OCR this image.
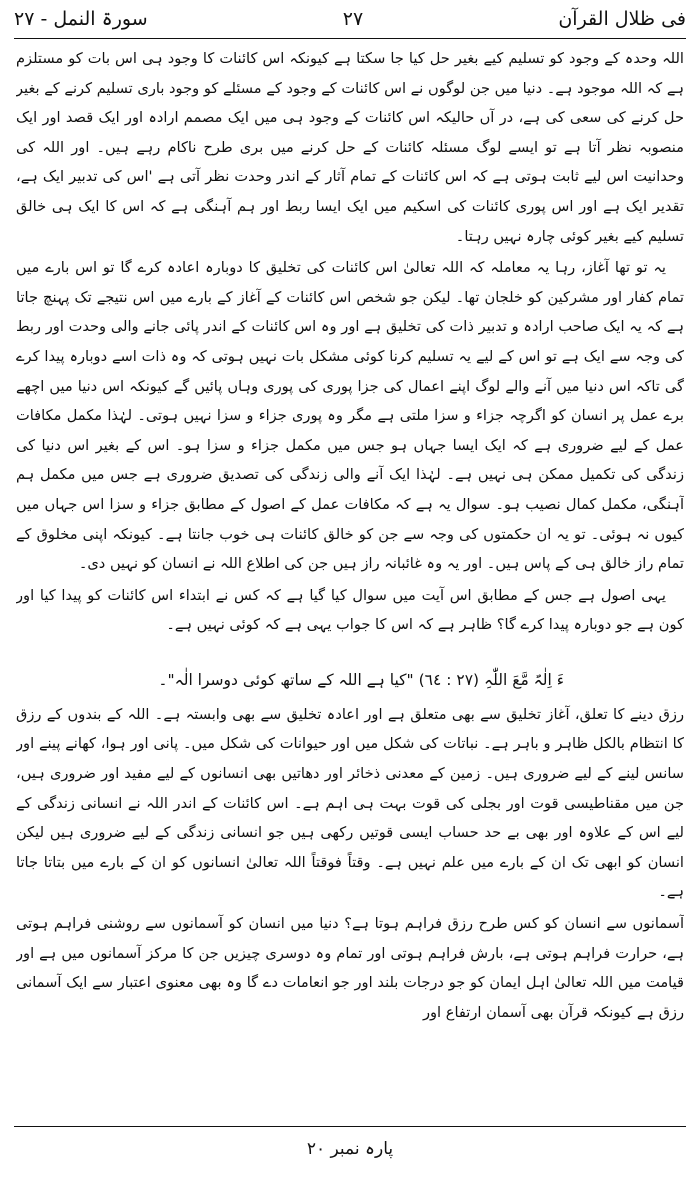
فی ظلال القرآن
٢٧
سورۃ النمل - ٢٧

اللہ وحدہ کے وجود کو تسلیم کیے بغیر حل کیا جا سکتا ہے کیونکہ اس کائنات کا وجود ہی اس بات کو مستلزم ہے کہ اللہ موجود ہے۔ دنیا میں جن لوگوں نے اس کائنات کے وجود کے مسئلے کو وجود باری تسلیم کرنے کے بغیر حل کرنے کی سعی کی ہے، در آں حالیکہ اس کائنات کے وجود ہی میں ایک مصمم ارادہ اور ایک قصد اور ایک منصوبہ نظر آتا ہے تو ایسے لوگ مسئلہ کائنات کے حل کرنے میں بری طرح ناکام رہے ہیں۔ اور اللہ کی وحدانیت اس لیے ثابت ہوتی ہے کہ اس کائنات کے تمام آثار کے اندر وحدت نظر آتی ہے 'اس کی تدبیر ایک ہے، تقدیر ایک ہے اور اس پوری کائنات کی اسکیم میں ایک ایسا ربط اور ہم آہنگی ہے کہ اس کا ایک ہی خالق تسلیم کیے بغیر کوئی چارہ نہیں رہتا۔

یہ تو تھا آغاز، رہا یہ معاملہ کہ اللہ تعالیٰ اس کائنات کی تخلیق کا دوبارہ اعادہ کرے گا تو اس بارے میں تمام کفار اور مشرکین کو خلجان تھا۔ لیکن جو شخص اس کائنات کے آغاز کے بارے میں اس نتیجے تک پہنچ جاتا ہے کہ یہ ایک صاحب ارادہ و تدبیر ذات کی تخلیق ہے اور وہ اس کائنات کے اندر پائی جانے والی وحدت اور ربط کی وجہ سے ایک ہے تو اس کے لیے یہ تسلیم کرنا کوئی مشکل بات نہیں ہوتی کہ وہ ذات اسے دوبارہ پیدا کرے گی تاکہ اس دنیا میں آنے والے لوگ اپنے اعمال کی جزا پوری کی پوری وہاں پائیں گے کیونکہ اس دنیا میں اچھے برے عمل پر انسان کو اگرچہ جزاء و سزا ملتی ہے مگر وہ پوری جزاء و سزا نہیں ہوتی۔ لہٰذا مکمل مکافات عمل کے لیے ضروری ہے کہ ایک ایسا جہاں ہو جس میں مکمل جزاء و سزا ہو۔ اس کے بغیر اس دنیا کی زندگی کی تکمیل ممکن ہی نہیں ہے۔ لہٰذا ایک آنے والی زندگی کی تصدیق ضروری ہے جس میں مکمل ہم آہنگی، مکمل کمال نصیب ہو۔ سوال یہ ہے کہ مکافات عمل کے اصول کے مطابق جزاء و سزا اس جہاں میں کیوں نہ ہوئی۔ تو یہ ان حکمتوں کی وجہ سے جن کو خالق کائنات ہی خوب جانتا ہے۔ کیونکہ اپنی مخلوق کے تمام راز خالق ہی کے پاس ہیں۔ اور یہ وہ غائبانہ راز ہیں جن کی اطلاع اللہ نے انسان کو نہیں دی۔

یہی اصول ہے جس کے مطابق اس آیت میں سوال کیا گیا ہے کہ کس نے ابتداء اس کائنات کو پیدا کیا اور کون ہے جو دوبارہ پیدا کرے گا؟ ظاہر ہے کہ اس کا جواب یہی ہے کہ کوئی نہیں ہے۔

ءَ اِلٰہٌ مَّعَ اللّٰہِ (٢٧ : ٦٤) "کیا ہے اللہ کے ساتھ کوئی دوسرا الٰہ"۔

رزق دینے کا تعلق، آغاز تخلیق سے بھی متعلق ہے اور اعادہ تخلیق سے بھی وابستہ ہے۔ اللہ کے بندوں کے رزق کا انتظام بالکل ظاہر و باہر ہے۔ نباتات کی شکل میں اور حیوانات کی شکل میں۔ پانی اور ہوا، کھانے پینے اور سانس لینے کے لیے ضروری ہیں۔ زمین کے معدنی ذخائر اور دھاتیں بھی انسانوں کے لیے مفید اور ضروری ہیں، جن میں مقناطیسی قوت اور بجلی کی قوت بہت ہی اہم ہے۔ اس کائنات کے اندر اللہ نے انسانی زندگی کے لیے اس کے علاوہ اور بھی بے حد حساب ایسی قوتیں رکھی ہیں جو انسانی زندگی کے لیے ضروری ہیں لیکن انسان کو ابھی تک ان کے بارے میں علم نہیں ہے۔ وقتاً فوقتاً اللہ تعالیٰ انسانوں کو ان کے بارے میں بتاتا جاتا ہے۔

آسمانوں سے انسان کو کس طرح رزق فراہم ہوتا ہے؟ دنیا میں انسان کو آسمانوں سے روشنی فراہم ہوتی ہے، حرارت فراہم ہوتی ہے، بارش فراہم ہوتی اور تمام وہ دوسری چیزیں جن کا مرکز آسمانوں میں ہے اور قیامت میں اللہ تعالیٰ اہل ایمان کو جو درجات بلند اور جو انعامات دے گا وہ بھی معنوی اعتبار سے ایک آسمانی رزق ہے کیونکہ قرآن بھی آسمان ارتفاع اور

پارہ نمبر ٢٠
